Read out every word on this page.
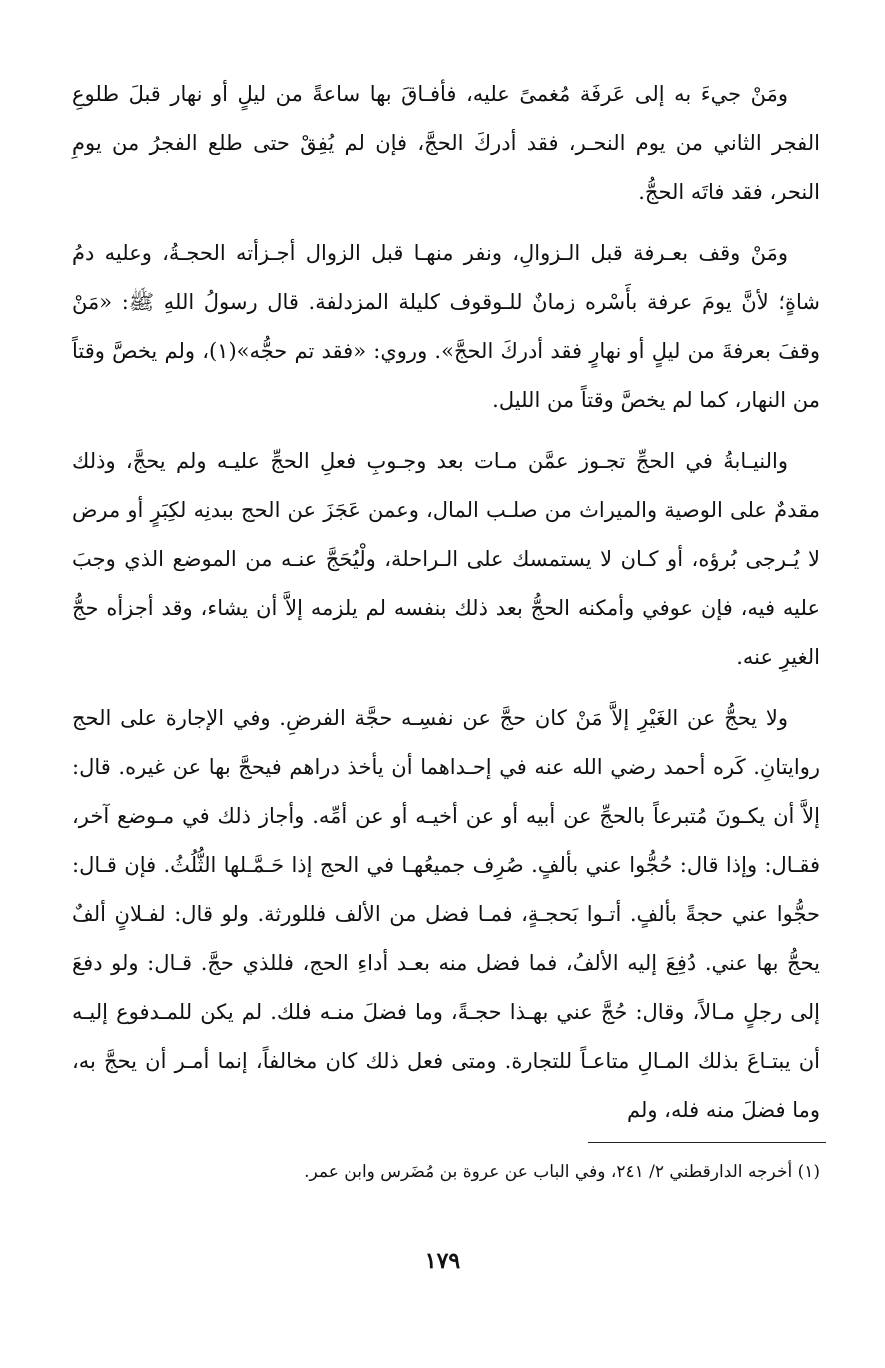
ومَنْ جيءَ به إلى عَرفَة مُغمىً عليه، فأفـاقَ بها ساعةً من ليلٍ أو نهار قبلَ طلوعِ الفجر الثاني من يوم النحـر، فقد أدركَ الحجَّ، فإن لم يُفِقْ حتى طلع الفجرُ من يومِ النحر، فقد فاتَه الحجُّ.

ومَنْ وقف بعـرفة قبل الـزوالِ، ونفر منهـا قبل الزوال أجـزأته الحجـةُ، وعليه دمُ شاةٍ؛ لأنَّ يومَ عرفة بأَسْره زمانٌ للـوقوف كليلة المزدلفة. قال رسولُ اللهِ ﷺ: «مَنْ وقفَ بعرفةَ من ليلٍ أو نهارٍ فقد أدركَ الحجَّ». وروي: «فقد تم حجُّه»(١)، ولم يخصَّ وقتاً من النهار، كما لم يخصَّ وقتاً من الليل.

والنيـابةُ في الحجِّ تجـوز عمَّن مـات بعد وجـوبِ فعلِ الحجِّ عليـه ولم يحجَّ، وذلك مقدمٌ على الوصية والميراث من صلـب المال، وعمن عَجَزَ عن الحج ببدنِه لكِبَرٍ أو مرض لا يُـرجى بُرؤه، أو كـان لا يستمسك على الـراحلة، ولْيُحَجَّ عنـه من الموضع الذي وجبَ عليه فيه، فإن عوفي وأمكنه الحجُّ بعد ذلك بنفسه لم يلزمه إلاَّ أن يشاء، وقد أجزأه حجُّ الغيرِ عنه.

ولا يحجُّ عن الغَيْرِ إلاَّ مَنْ كان حجَّ عن نفسِـه حجَّة الفرضِ. وفي الإجارة على الحج روايتانِ. كَره أحمد رضي الله عنه في إحـداهما أن يأخذ دراهم فيحجَّ بها عن غيره. قال: إلاَّ أن يكـونَ مُتبرعاً بالحجِّ عن أبيه أو عن أخيـه أو عن أمِّه. وأجاز ذلك في مـوضع آخر، فقـال: وإذا قال: حُجُّوا عني بألفٍ. صُرِف جميعُهـا في الحج إذا حَـمَّـلها الثُّلُثُ. فإن قـال: حجُّوا عني حجةً بألفٍ. أتـوا بَحجـةٍ، فمـا فضل من الألف فللورثة. ولو قال: لفـلانٍ ألفٌ يحجُّ بها عني. دُفِعَ إليه الألفُ، فما فضل منه بعـد أداءِ الحج، فللذي حجَّ. قـال: ولو دفعَ إلى رجلٍ مـالاً، وقال: حُجَّ عني بهـذا حجـةً، وما فضلَ منـه فلك. لم يكن للمـدفوع إليـه أن يبتـاعَ بذلك المـالِ متاعـاً للتجارة. ومتى فعل ذلك كان مخالفاً، إنما أمـر أن يحجَّ به، وما فضلَ منه فله، ولم

(١) أخرجه الدارقطني ٢/ ٢٤١، وفي الباب عن عروة بن مُضَرس وابن عمر.
١٧٩
